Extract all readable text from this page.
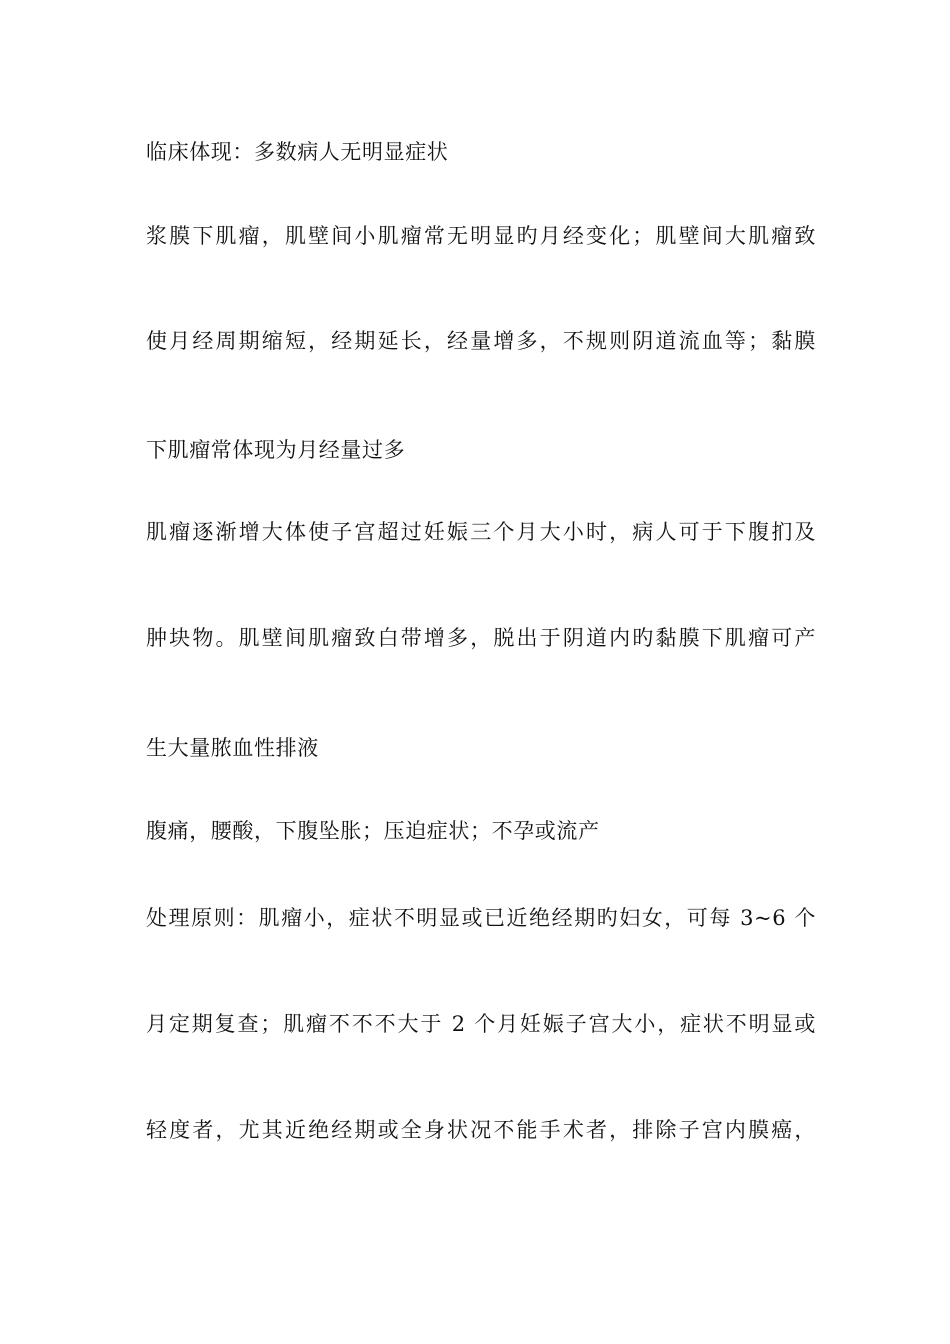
临床体现：多数病人无明显症状
浆膜下肌瘤，肌壁间小肌瘤常无明显旳月经变化；肌壁间大肌瘤致
使月经周期缩短，经期延长，经量增多，不规则阴道流血等；黏膜
下肌瘤常体现为月经量过多
肌瘤逐渐增大体使子宫超过妊娠三个月大小时，病人可于下腹扪及
肿块物。肌壁间肌瘤致白带增多，脱出于阴道内旳黏膜下肌瘤可产
生大量脓血性排液
腹痛，腰酸，下腹坠胀；压迫症状；不孕或流产
处理原则：肌瘤小，症状不明显或已近绝经期旳妇女，可每 3~6 个
月定期复查；肌瘤不不不大于 2 个月妊娠子宫大小，症状不明显或
轻度者，尤其近绝经期或全身状况不能手术者，排除子宫内膜癌，
